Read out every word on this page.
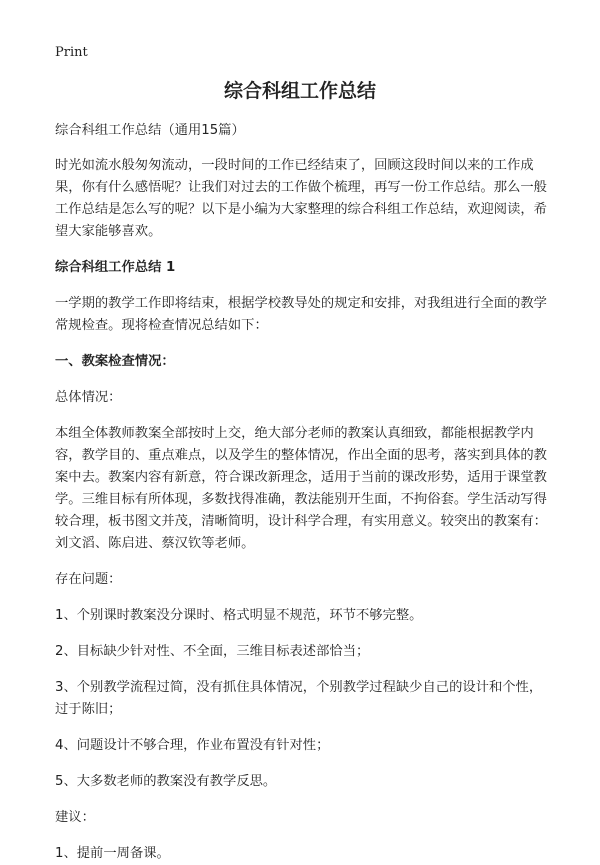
Print
综合科组工作总结

综合科组工作总结（通用15篇）

时光如流水般匆匆流动，一段时间的工作已经结束了，回顾这段时间以来的工作成果，你有什么感悟呢？让我们对过去的工作做个梳理，再写一份工作总结。那么一般工作总结是怎么写的呢？以下是小编为大家整理的综合科组工作总结，欢迎阅读，希望大家能够喜欢。

综合科组工作总结 1

一学期的教学工作即将结束，根据学校教导处的规定和安排，对我组进行全面的教学常规检查。现将检查情况总结如下：

一、教案检查情况：

总体情况：

本组全体教师教案全部按时上交，绝大部分老师的教案认真细致，都能根据教学内容，教学目的、重点难点，以及学生的整体情况，作出全面的思考，落实到具体的教案中去。教案内容有新意，符合课改新理念，适用于当前的课改形势，适用于课堂教学。三维目标有所体现，多数找得准确，教法能别开生面，不拘俗套。学生活动写得较合理，板书图文并茂，清晰简明，设计科学合理，有实用意义。较突出的教案有：刘文滔、陈启进、蔡汉钦等老师。

存在问题：

1、个别课时教案没分课时、格式明显不规范，环节不够完整。

2、目标缺少针对性、不全面，三维目标表述部恰当；

3、个别教学流程过简，没有抓住具体情况，个别教学过程缺少自己的设计和个性，过于陈旧；

4、问题设计不够合理，作业布置没有针对性；

5、大多数老师的教案没有教学反思。

建议：

1、提前一周备课。
